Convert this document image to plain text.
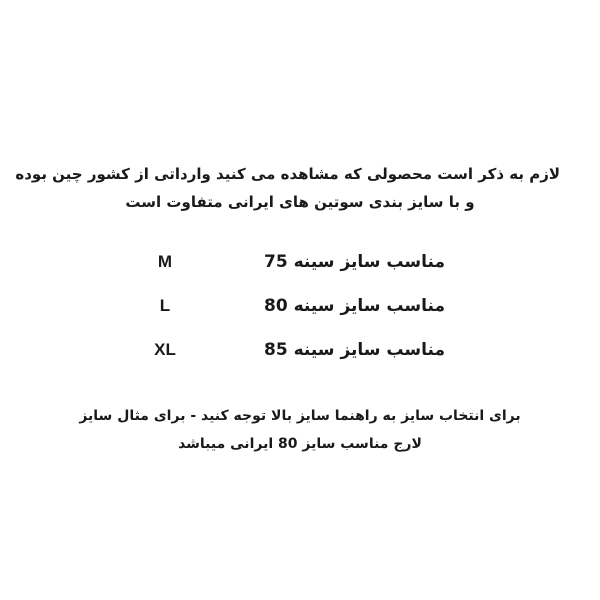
لازم به ذکر است محصولی که مشاهده می کنید وارداتی از کشور چین بوده
و با سایز بندی سوتین های ایرانی متفاوت است
مناسب سایز سینه 75
M
مناسب سایز سینه 80
L
مناسب سایز سینه 85
XL
برای انتخاب سایز به راهنما سایز بالا توجه کنید - برای مثال سایز
لارج مناسب سایز 80 ایرانی میباشد
